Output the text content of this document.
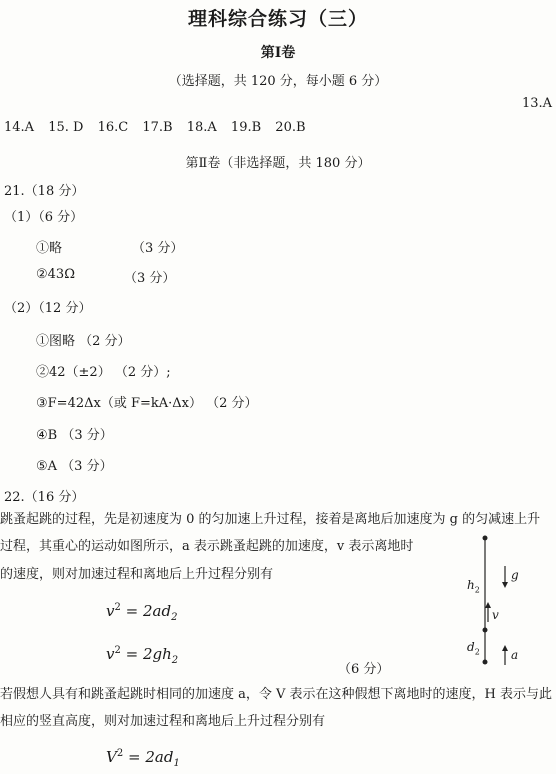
理科综合练习（三）
第Ⅰ卷
（选择题，共 120 分，每小题 6 分）
13.A
14.A 15. D 16.C 17.B 18.A 19.B 20.B
第Ⅱ卷（非选择题，共 180 分）
21.（18 分）
（1）（6 分）
①略	（3 分）
②43Ω	（3 分）
（2）（12 分）
①图略 （2 分）
②42（±2） （2 分）;
③F=42Δx（或 F=kA·Δx） （2 分）
④B （3 分）
⑤A （3 分）
22.（16 分）
跳蚤起跳的过程，先是初速度为 0 的匀加速上升过程，接着是离地后加速度为 g 的匀减速上升过程，其重心的运动如图所示，a 表示跳蚤起跳的加速度，v 表示离地时
的速度，则对加速过程和离地后上升过程分别有
$v^2 = 2ad_2$
$v^2 = 2gh_2$
（6 分）
若假想人具有和跳蚤起跳时相同的加速度 a，令 V 表示在这种假想下离地时的速度，H 表示与此相应的竖直高度，则对加速过程和离地后上升过程分别有
$V^2 = 2ad_1$
$h_2$
$d_2$
g
v
a
